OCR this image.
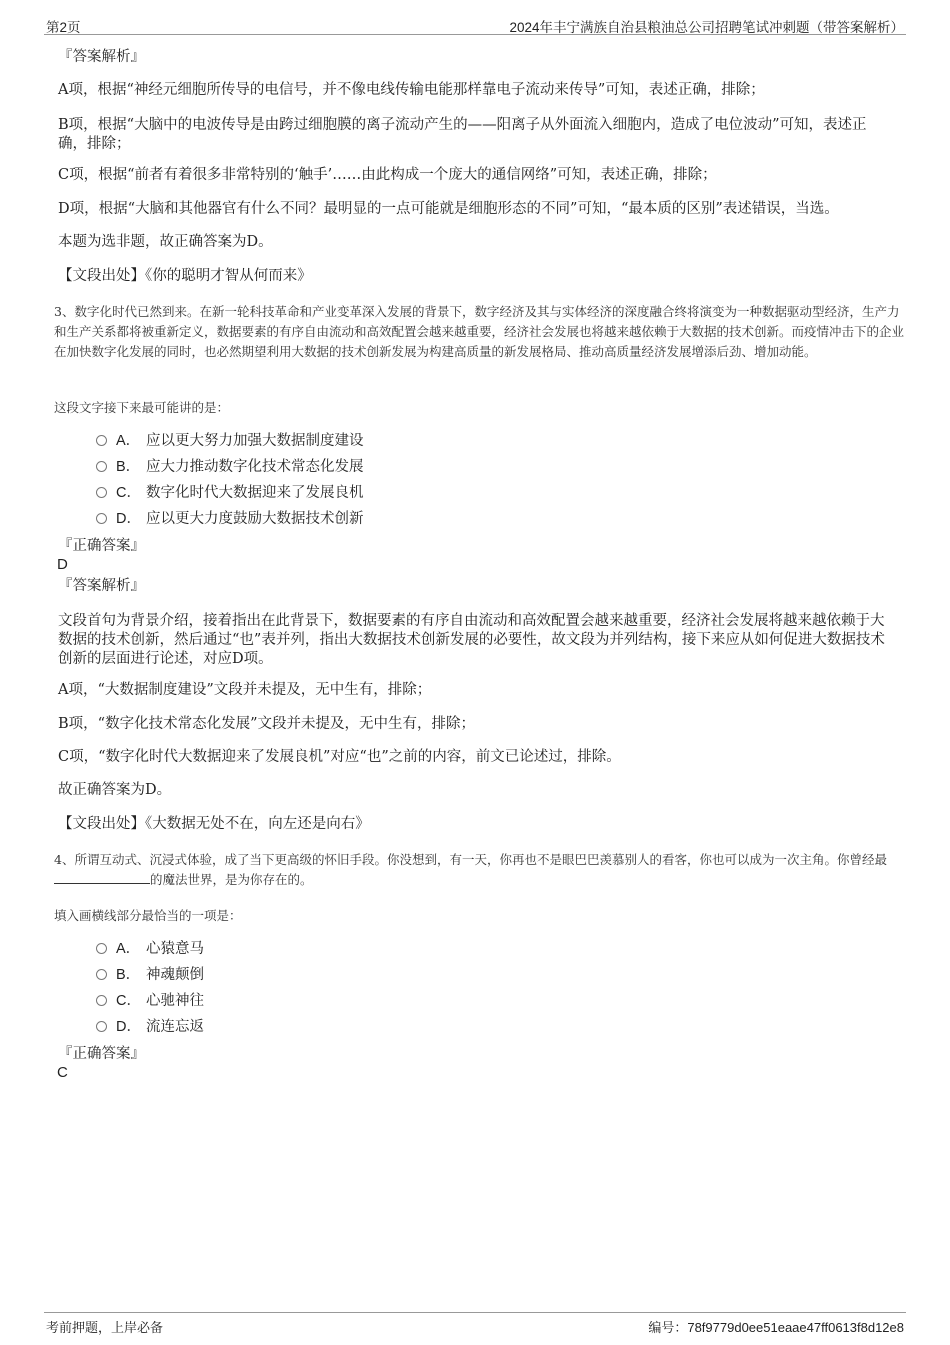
第2页	2024年丰宁满族自治县粮油总公司招聘笔试冲刺题（带答案解析）
『答案解析』
A项，根据“神经元细胞所传导的电信号，并不像电线传输电能那样靠电子流动来传导”可知，表述正确，排除；
B项，根据“大脑中的电波传导是由跨过细胞膜的离子流动产生的——阳离子从外面流入细胞内，造成了电位波动”可知，表述正确，排除；
C项，根据“前者有着很多非常特别的‘触手’……由此构成一个庞大的通信网络”可知，表述正确，排除；
D项，根据“大脑和其他器官有什么不同？最明显的一点可能就是细胞形态的不同”可知，“最本质的区别”表述错误，当选。
本题为选非题，故正确答案为D。
【文段出处】《你的聪明才智从何而来》
3、数字化时代已然到来。在新一轮科技革命和产业变革深入发展的背景下，数字经济及其与实体经济的深度融合终将演变为一种数据驱动型经济，生产力和生产关系都将被重新定义，数据要素的有序自由流动和高效配置会越来越重要，经济社会发展也将越来越依赖于大数据的技术创新。而疫情冲击下的企业在加快数字化发展的同时，也必然期望利用大数据的技术创新发展为构建高质量的新发展格局、推动高质量经济发展增添后劲、增加动能。
这段文字接下来最可能讲的是：
A． 应以更大努力加强大数据制度建设
B． 应大力推动数字化技术常态化发展
C． 数字化时代大数据迎来了发展良机
D． 应以更大力度鼓励大数据技术创新
『正确答案』
D
『答案解析』
文段首句为背景介绍，接着指出在此背景下，数据要素的有序自由流动和高效配置会越来越重要，经济社会发展将越来越依赖于大数据的技术创新，然后通过“也”表并列，指出大数据技术创新发展的必要性，故文段为并列结构，接下来应从如何促进大数据技术创新的层面进行论述，对应D项。
A项，“大数据制度建设”文段并未提及，无中生有，排除；
B项，“数字化技术常态化发展”文段并未提及，无中生有，排除；
C项，“数字化时代大数据迎来了发展良机”对应“也”之前的内容，前文已论述过，排除。
故正确答案为D。
【文段出处】《大数据无处不在，向左还是向右》
4、所谓互动式、沉浸式体验，成了当下更高级的怀旧手段。你没想到，有一天，你再也不是眼巴巴羡慕别人的看客，你也可以成为一次主角。你曾经最的魔法世界，是为你存在的。
填入画横线部分最恰当的一项是：
A． 心猿意马
B． 神魂颠倒
C． 心驰神往
D． 流连忘返
『正确答案』
C
考前押题，上岸必备	编号：78f9779d0ee51eaae47ff0613f8d12e8
